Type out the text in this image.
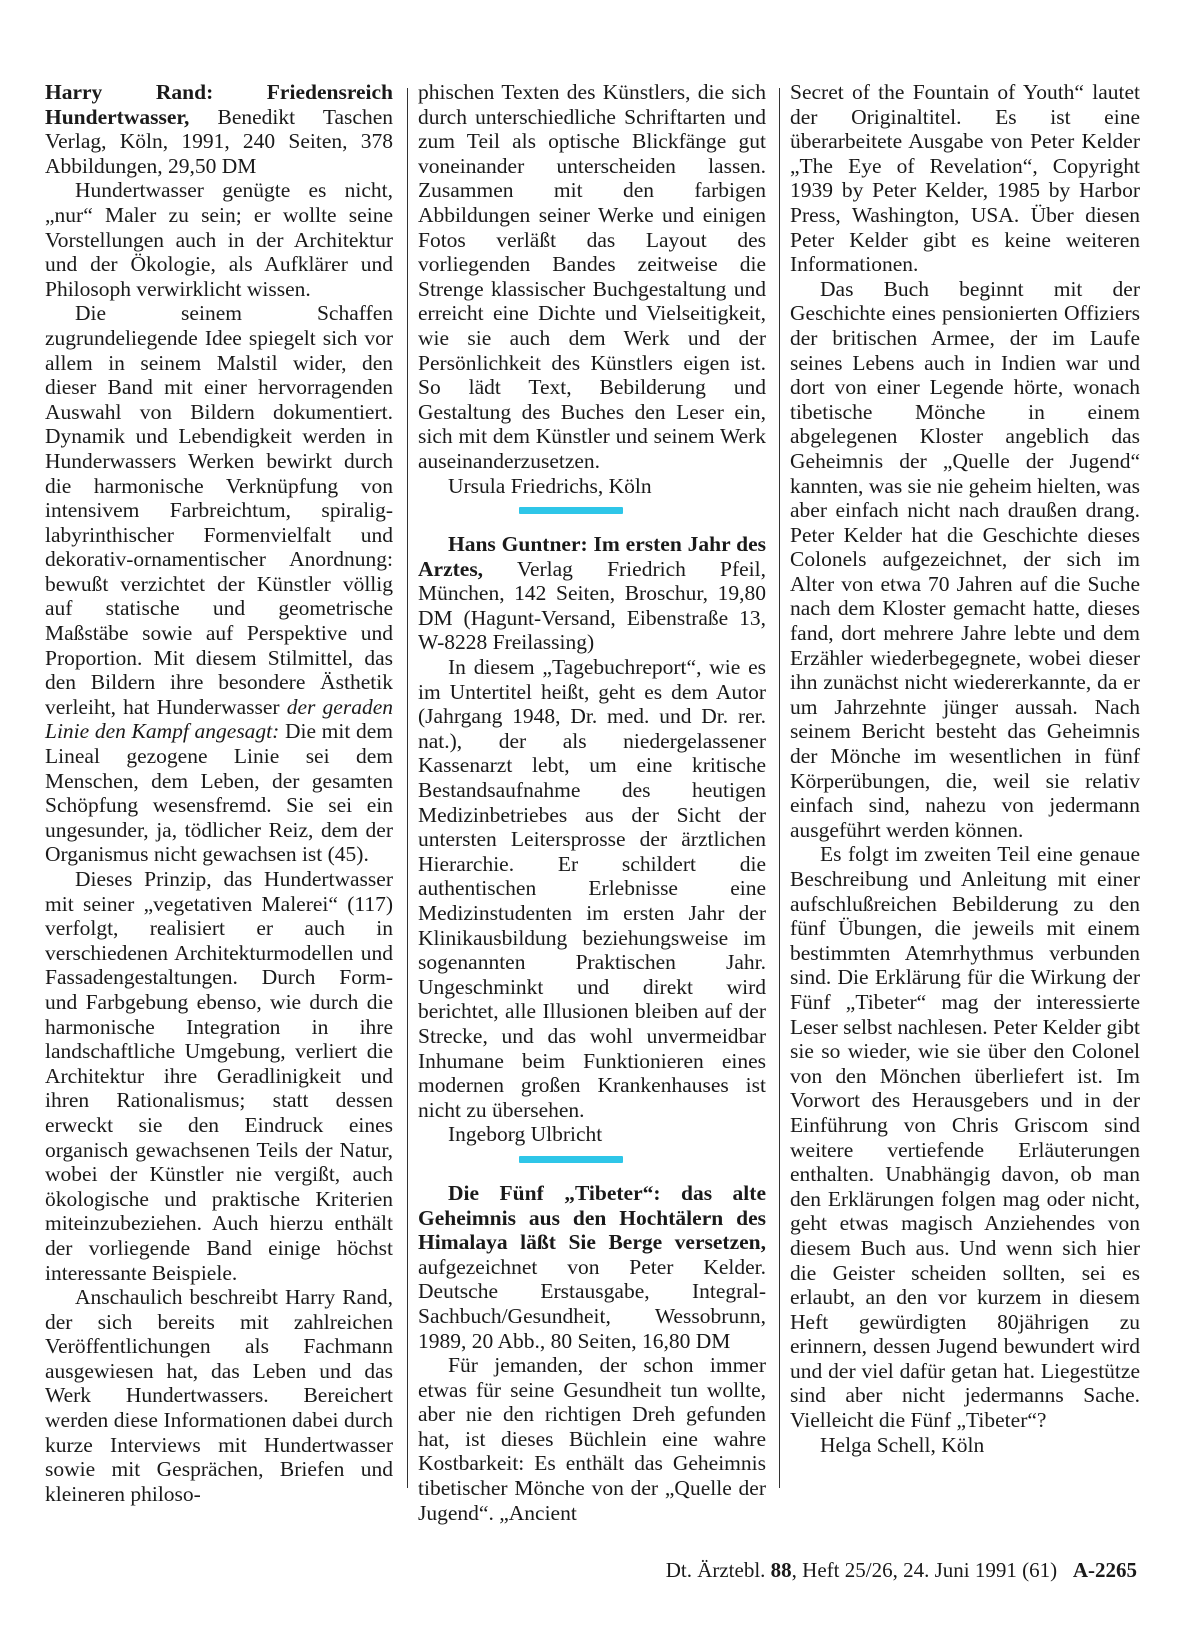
Harry Rand: Friedensreich Hundertwasser, Benedikt Taschen Verlag, Köln, 1991, 240 Seiten, 378 Abbildungen, 29,50 DM

Hundertwasser genügte es nicht, „nur“ Maler zu sein; er wollte seine Vorstellungen auch in der Architektur und der Ökologie, als Aufklärer und Philosoph verwirklicht wissen.

Die seinem Schaffen zugrundeliegende Idee spiegelt sich vor allem in seinem Malstil wider, den dieser Band mit einer hervorragenden Auswahl von Bildern dokumentiert. Dynamik und Lebendigkeit werden in Hunderwassers Werken bewirkt durch die harmonische Verknüpfung von intensivem Farbreichtum, spiralig-labyrinthischer Formenvielfalt und dekorativ-ornamentischer Anordnung: bewußt verzichtet der Künstler völlig auf statische und geometrische Maßstäbe sowie auf Perspektive und Proportion. Mit diesem Stilmittel, das den Bildern ihre besondere Ästhetik verleiht, hat Hunderwasser der geraden Linie den Kampf angesagt: Die mit dem Lineal gezogene Linie sei dem Menschen, dem Leben, der gesamten Schöpfung wesensfremd. Sie sei ein ungesunder, ja, tödlicher Reiz, dem der Organismus nicht gewachsen ist (45).

Dieses Prinzip, das Hundertwasser mit seiner „vegetativen Malerei“ (117) verfolgt, realisiert er auch in verschiedenen Architekturmodellen und Fassadengestaltungen. Durch Form- und Farbgebung ebenso, wie durch die harmonische Integration in ihre landschaftliche Umgebung, verliert die Architektur ihre Geradlinigkeit und ihren Rationalismus; statt dessen erweckt sie den Eindruck eines organisch gewachsenen Teils der Natur, wobei der Künstler nie vergißt, auch ökologische und praktische Kriterien miteinzubeziehen. Auch hierzu enthält der vorliegende Band einige höchst interessante Beispiele.

Anschaulich beschreibt Harry Rand, der sich bereits mit zahlreichen Veröffentlichungen als Fachmann ausgewiesen hat, das Leben und das Werk Hundertwassers. Bereichert werden diese Informationen dabei durch kurze Interviews mit Hundertwasser sowie mit Gesprächen, Briefen und kleineren philoso-

phischen Texten des Künstlers, die sich durch unterschiedliche Schriftarten und zum Teil als optische Blickfänge gut voneinander unterscheiden lassen. Zusammen mit den farbigen Abbildungen seiner Werke und einigen Fotos verläßt das Layout des vorliegenden Bandes zeitweise die Strenge klassischer Buchgestaltung und erreicht eine Dichte und Vielseitigkeit, wie sie auch dem Werk und der Persönlichkeit des Künstlers eigen ist. So lädt Text, Bebilderung und Gestaltung des Buches den Leser ein, sich mit dem Künstler und seinem Werk auseinanderzusetzen.

Ursula Friedrichs, Köln

Hans Guntner: Im ersten Jahr des Arztes, Verlag Friedrich Pfeil, München, 142 Seiten, Broschur, 19,80 DM (Hagunt-Versand, Eibenstraße 13, W-8228 Freilassing)

In diesem „Tagebuchreport“, wie es im Untertitel heißt, geht es dem Autor (Jahrgang 1948, Dr. med. und Dr. rer. nat.), der als niedergelassener Kassenarzt lebt, um eine kritische Bestandsaufnahme des heutigen Medizinbetriebes aus der Sicht der untersten Leitersprosse der ärztlichen Hierarchie. Er schildert die authentischen Erlebnisse eine Medizinstudenten im ersten Jahr der Klinikausbildung beziehungsweise im sogenannten Praktischen Jahr. Ungeschminkt und direkt wird berichtet, alle Illusionen bleiben auf der Strecke, und das wohl unvermeidbar Inhumane beim Funktionieren eines modernen großen Krankenhauses ist nicht zu übersehen.

Ingeborg Ulbricht

Die Fünf „Tibeter“: das alte Geheimnis aus den Hochtälern des Himalaya läßt Sie Berge versetzen, aufgezeichnet von Peter Kelder. Deutsche Erstausgabe, Integral-Sachbuch/Gesundheit, Wessobrunn, 1989, 20 Abb., 80 Seiten, 16,80 DM

Für jemanden, der schon immer etwas für seine Gesundheit tun wollte, aber nie den richtigen Dreh gefunden hat, ist dieses Büchlein eine wahre Kostbarkeit: Es enthält das Geheimnis tibetischer Mönche von der „Quelle der Jugend“. „Ancient

Secret of the Fountain of Youth“ lautet der Originaltitel. Es ist eine überarbeitete Ausgabe von Peter Kelder „The Eye of Revelation“, Copyright 1939 by Peter Kelder, 1985 by Harbor Press, Washington, USA. Über diesen Peter Kelder gibt es keine weiteren Informationen.

Das Buch beginnt mit der Geschichte eines pensionierten Offiziers der britischen Armee, der im Laufe seines Lebens auch in Indien war und dort von einer Legende hörte, wonach tibetische Mönche in einem abgelegenen Kloster angeblich das Geheimnis der „Quelle der Jugend“ kannten, was sie nie geheim hielten, was aber einfach nicht nach draußen drang. Peter Kelder hat die Geschichte dieses Colonels aufgezeichnet, der sich im Alter von etwa 70 Jahren auf die Suche nach dem Kloster gemacht hatte, dieses fand, dort mehrere Jahre lebte und dem Erzähler wiederbegegnete, wobei dieser ihn zunächst nicht wiedererkannte, da er um Jahrzehnte jünger aussah. Nach seinem Bericht besteht das Geheimnis der Mönche im wesentlichen in fünf Körperübungen, die, weil sie relativ einfach sind, nahezu von jedermann ausgeführt werden können.

Es folgt im zweiten Teil eine genaue Beschreibung und Anleitung mit einer aufschlußreichen Bebilderung zu den fünf Übungen, die jeweils mit einem bestimmten Atemrhythmus verbunden sind. Die Erklärung für die Wirkung der Fünf „Tibeter“ mag der interessierte Leser selbst nachlesen. Peter Kelder gibt sie so wieder, wie sie über den Colonel von den Mönchen überliefert ist. Im Vorwort des Herausgebers und in der Einführung von Chris Griscom sind weitere vertiefende Erläuterungen enthalten. Unabhängig davon, ob man den Erklärungen folgen mag oder nicht, geht etwas magisch Anziehendes von diesem Buch aus. Und wenn sich hier die Geister scheiden sollten, sei es erlaubt, an den vor kurzem in diesem Heft gewürdigten 80jährigen zu erinnern, dessen Jugend bewundert wird und der viel dafür getan hat. Liegestütze sind aber nicht jedermanns Sache. Vielleicht die Fünf „Tibeter“?

Helga Schell, Köln

Dt. Ärztebl. 88, Heft 25/26, 24. Juni 1991 (61) A-2265
